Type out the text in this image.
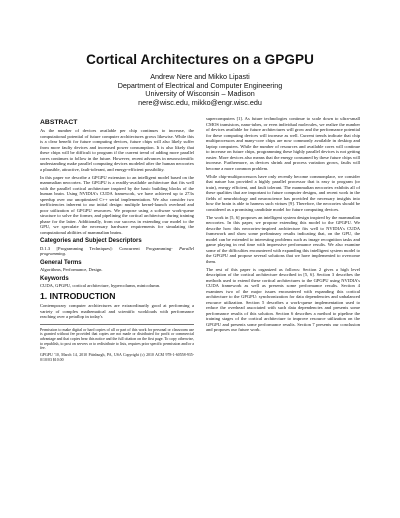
Cortical Architectures on a GPGPU
Andrew Nere and Mikko Lipasti
Department of Electrical and Computer Engineering
University of Wisconsin – Madison
nere@wisc.edu, mikko@engr.wisc.edu
ABSTRACT

As the number of devices available per chip continues to increase, the computational potential of future computer architectures grows likewise. While this is a clear benefit for future computing devices, future chips will also likely suffer from more faulty devices and increased power consumption. It is also likely that these chips will be difficult to program if the current trend of adding more parallel cores continues to follow in the future. However, recent advances in neuroscientific understanding make parallel computing devices modeled after the human neocortex a plausible, attractive, fault-tolerant, and energy-efficient possibility.

In this paper we describe a GPGPU extension to an intelligent model based on the mammalian neocortex. The GPGPU is a readily-available architecture that fits well with the parallel cortical architecture inspired by the basic building blocks of the human brain. Using NVIDIA's CUDA framework, we have achieved up to 273x speedup over our unoptimized C++ serial implementation. We also consider two inefficiencies inherent to our initial design: multiple kernel-launch overhead and poor utilization of GPGPU resources. We propose using a software work-queue structure to solve the former, and pipelining the cortical architecture during training phase for the latter. Additionally, from our success in extending our model to the GPU, we speculate the necessary hardware requirements for simulating the computational abilities of mammalian brains.

Categories and Subject Descriptors

D.1.3 [Programming Techniques]: Concurrent Programming- Parallel programming.

General Terms

Algorithms, Performance, Design.

Keywords

CUDA, GPGPU, cortical architecture, hypercolumn, minicolumn.

1. INTRODUCTION

Contemporary computer architectures are extraordinarily good at performing a variety of complex mathematical and scientific workloads with performance reaching over a petaflop in today's

Permission to make digital or hard copies of all or part of this work for personal or classroom use is granted without fee provided that copies are not made or distributed for profit or commercial advantage and that copies bear this notice and the full citation on the first page. To copy otherwise, to republish, to post on servers or to redistribute to lists, requires prior specific permission and/or a fee.

GPGPU '10, March 14, 2010 Pittsburgh, PA, USA Copyright (c) 2010 ACM 978-1-60558-935-0/10/03 $10.00

supercomputers [1]. As future technologies continue to scale down to ultra-small CMOS transistors, nano-tubes, or even individual molecules, we realize the number of devices available for future architectures will grow and the performance potential for these computing devices will increase as well. Current trends indicate that chip multiprocessors and many-core chips are now commonly available in desktop and laptop computers. While the number of resources and available cores will continue to increase on future chips, programming these highly parallel devices is not getting easier. More devices also means that the energy consumed by these future chips will increase. Furthermore, as devices shrink and process variation grows, faults will become a more common problem.

While chip-multiprocessors have only recently become commonplace, we consider that nature has provided a highly parallel processor that is easy to program (or train), energy efficient, and fault tolerant. The mammalian neocortex exhibits all of these qualities that are important to future computer designs, and recent work in the fields of neurobiology and neuroscience has provided the necessary insights into how the brain is able to harness such virtues [9]. Therefore, the neocortex should be considered as a promising candidate model for future computing devices.

The work in [5, 6] proposes an intelligent system design inspired by the mammalian neocortex. In this paper, we propose extending this model to the GPGPU. We describe how this neocortex-inspired architecture fits well to NVIDIA's CUDA framework and show some preliminary results indicating that, on the GPU, the model can be extended to interesting problems such as image recognition tasks and game playing in real time with impressive performance results. We also examine some of the difficulties encountered with expanding this intelligent system model to the GPGPU and propose several solutions that we have implemented to overcome them.

The rest of this paper is organized as follows: Section 2 gives a high level description of the cortical architecture described in [5, 6]. Section 3 describes the methods used to extend these cortical architectures to the GPGPU using NVIDIA's CUDA framework as well as presents some performance results. Section 4 examines two of the major issues encountered with expanding this cortical architecture to the GPGPU: synchronization for data dependencies and unbalanced resource utilization. Section 5 describes a work-queue implementation used to reduce the overhead associated with such data dependencies and presents some performance results of this solution. Section 6 describes a method to pipeline the training stages of the cortical architecture to improve resource utilization on the GPGPU and presents some performance results. Section 7 presents our conclusion and proposes our future work.
